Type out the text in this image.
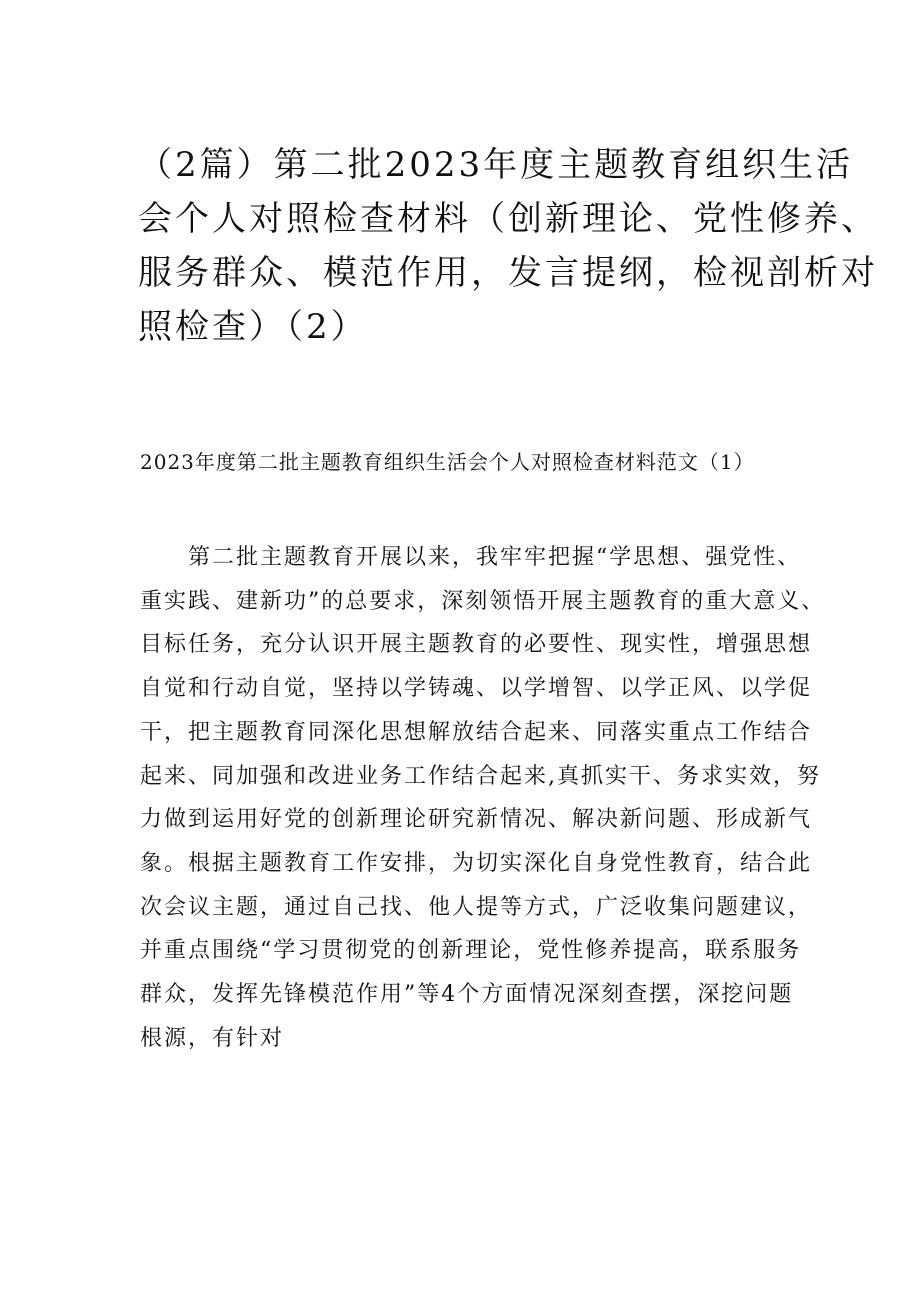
（2篇）第二批2023年度主题教育组织生活
会个人对照检查材料（创新理论、党性修养、
服务群众、模范作用，发言提纲，检视剖析对
照检查）（2）
2023年度第二批主题教育组织生活会个人对照检查材料范文（1）
第二批主题教育开展以来，我牢牢把握“学思想、强党性、
重实践、建新功”的总要求，深刻领悟开展主题教育的重大意义、
目标任务，充分认识开展主题教育的必要性、现实性，增强思想
自觉和行动自觉，坚持以学铸魂、以学增智、以学正风、以学促
干，把主题教育同深化思想解放结合起来、同落实重点工作结合
起来、同加强和改进业务工作结合起来,真抓实干、务求实效，努
力做到运用好党的创新理论研究新情况、解决新问题、形成新气
象。根据主题教育工作安排，为切实深化自身党性教育，结合此
次会议主题，通过自己找、他人提等方式，广泛收集问题建议，
并重点围绕“学习贯彻党的创新理论，党性修养提高，联系服务
群众，发挥先锋模范作用”等4个方面情况深刻查摆，深挖问题
根源，有针对
